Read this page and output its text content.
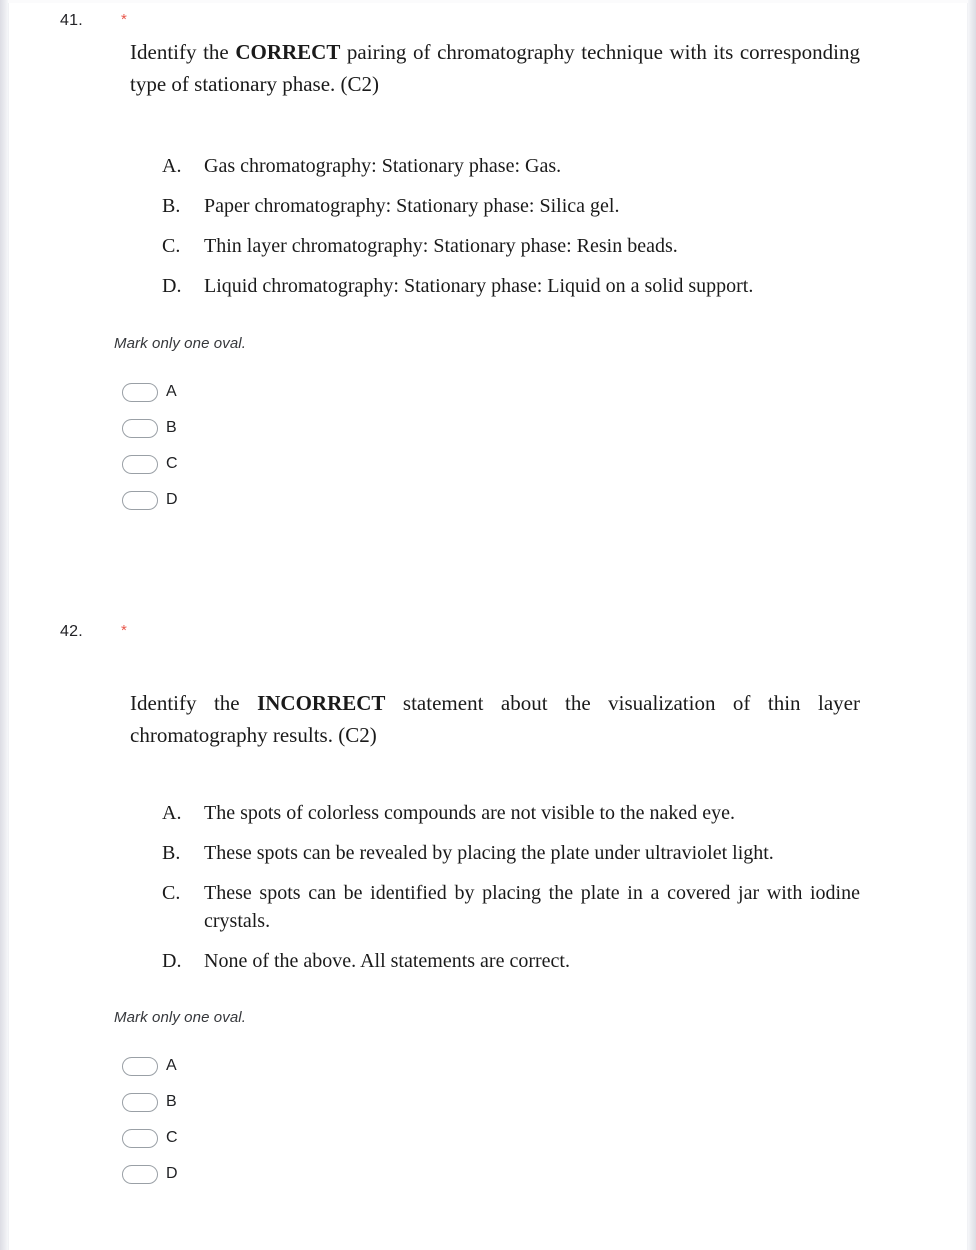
41.	*

Identify the CORRECT pairing of chromatography technique with its corresponding type of stationary phase. (C2)

A. Gas chromatography: Stationary phase: Gas.
B. Paper chromatography: Stationary phase: Silica gel.
C. Thin layer chromatography: Stationary phase: Resin beads.
D. Liquid chromatography: Stationary phase: Liquid on a solid support.
Mark only one oval.
A
B
C
D
42.	*

Identify the INCORRECT statement about the visualization of thin layer chromatography results. (C2)

A. The spots of colorless compounds are not visible to the naked eye.
B. These spots can be revealed by placing the plate under ultraviolet light.
C. These spots can be identified by placing the plate in a covered jar with iodine crystals.
D. None of the above. All statements are correct.
Mark only one oval.
A
B
C
D
